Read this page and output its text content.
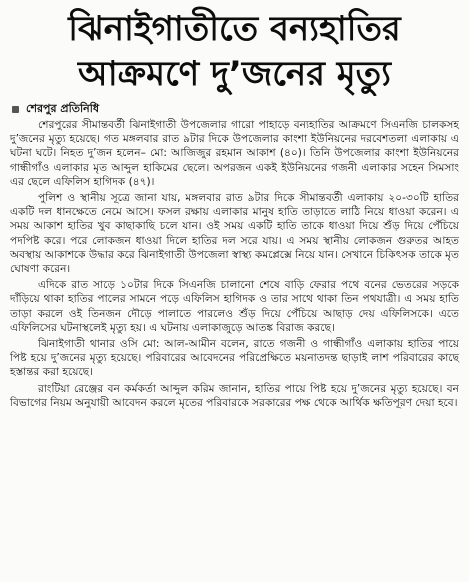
ঝিনাইগাতীতে বন্যহাতির
আক্রমণে দু’জনের মৃত্যু
শেরপুর প্রতিনিধি

শেরপুরের সীমান্তবর্তী ঝিনাইগাতী উপজেলার গারো পাহাড়ে বন্যহাতির আক্রমণে সিএনজি চালকসহ দু’জনের মৃত্যু হয়েছে। গত মঙ্গলবার রাত ৯টার দিকে উপজেলার কাংশা ইউনিয়নের দরবেশতলা এলাকায় এ ঘটনা ঘটে। নিহত দু’জন হলেন– মো: আজিজুর রহমান আকাশ (৪০)। তিনি উপজেলার কাংশা ইউনিয়নের গান্ধীগাঁও এলাকার মৃত আব্দুল হাকিমের ছেলে। অপরজন একই ইউনিয়নের গজনী এলাকার সহেন সিমসাং এর ছেলে এফিলিস হাগিদক (৪৭)।

পুলিশ ও স্থানীয় সূত্রে জানা যায়, মঙ্গলবার রাত ৯টার দিকে সীমান্তবর্তী এলাকায় ২০-৩০টি হাতির একটি দল ধানক্ষেতে নেমে আসে। ফসল রক্ষায় এলাকার মানুষ হাতি তাড়াতে লাঠি নিয়ে ধাওয়া করেন। এ সময় আকাশ হাতির খুব কাছাকাছি চলে যান। ওই সময় একটি হাতি তাকে ধাওয়া দিয়ে শুঁড় দিয়ে পেঁচিয়ে পদপিষ্ট করে। পরে লোকজন ধাওয়া দিলে হাতির দল সরে যায়। এ সময় স্থানীয় লোকজন গুরুতর আহত অবস্থায় আকাশকে উদ্ধার করে ঝিনাইগাতী উপজেলা স্বাস্থ্য কমপ্লেক্সে নিয়ে যান। সেখানে চিকিৎসক তাকে মৃত ঘোষণা করেন।

এদিকে রাত সাড়ে ১০টার দিকে সিএনজি চালানো শেষে বাড়ি ফেরার পথে বনের ভেতরের সড়কে দাঁড়িয়ে থাকা হাতির পালের সামনে পড়ে এফিলিস হাগিদক ও তার সাথে থাকা তিন পথযাত্রী। এ সময় হাতি তাড়া করলে ওই তিনজন দৌড়ে পালাতে পারলেও শুঁড় দিয়ে পেঁচিয়ে আছাড় দেয় এফিলিসকে। এতে এফিলিসের ঘটনাস্থলেই মৃত্যু হয়। এ ঘটনায় এলাকাজুড়ে আতঙ্ক বিরাজ করছে।

ঝিনাইগাতী থানার ওসি মো: আল-আমীন বলেন, রাতে গজনী ও গান্ধীগাঁও এলাকায় হাতির পায়ে পিষ্ট হয়ে দু’জনের মৃত্যু হয়েছে। পরিবারের আবেদনের পরিপ্রেক্ষিতে ময়নাতদন্ত ছাড়াই লাশ পরিবারের কাছে হস্তান্তর করা হয়েছে।

রাংটিয়া রেঞ্জের বন কর্মকর্তা আব্দুল করিম জানান, হাতির পায়ে পিষ্ট হয়ে দু’জনের মৃত্যু হয়েছে। বন বিভাগের নিয়ম অনুযায়ী আবেদন করলে মৃতের পরিবারকে সরকারের পক্ষ থেকে আর্থিক ক্ষতিপূরণ দেয়া হবে।
